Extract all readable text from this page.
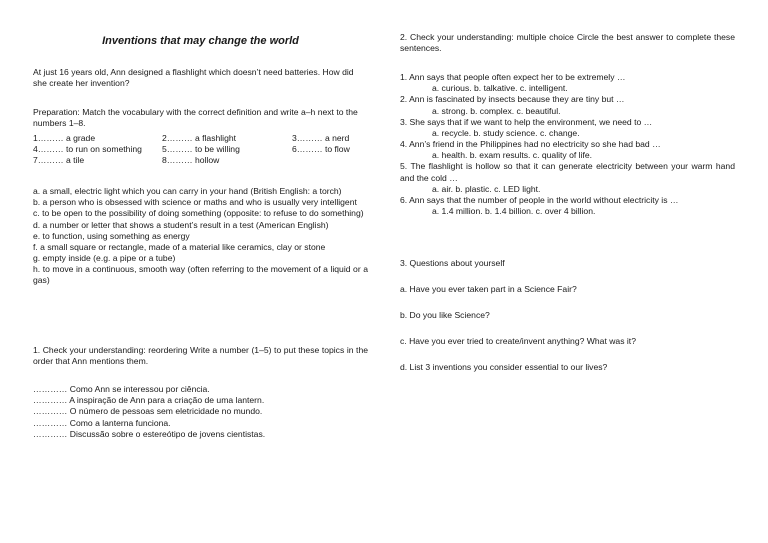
Inventions that may change the world

At just 16 years old, Ann designed a flashlight which doesn’t need batteries. How did she create her invention?

Preparation: Match the vocabulary with the correct definition and write a–h next to the numbers 1–8.

1……… a grade	2……… a flashlight	3……… a nerd
4……… to run on something	5……… to be willing	6……… to flow
7……… a tile	8……… hollow

a. a small, electric light which you can carry in your hand (British English: a torch)

b. a person who is obsessed with science or maths and who is usually very intelligent

c. to be open to the possibility of doing something (opposite: to refuse to do something)

d. a number or letter that shows a student’s result in a test (American English)

e. to function, using something as energy

f. a small square or rectangle, made of a material like ceramics, clay or stone

g. empty inside (e.g. a pipe or a tube)

h. to move in a continuous, smooth way (often referring to the movement of a liquid or a gas)

1. Check your understanding: reordering Write a number (1–5) to put these topics in the order that Ann mentions them.

………… Como Ann se interessou por ciência.

………… A inspiração de Ann para a criação de uma lantern.

………… O número de pessoas sem eletricidade no mundo.

………… Como a lanterna funciona.

………… Discussão sobre o estereótipo de jovens cientistas.

2. Check your understanding: multiple choice Circle the best answer to complete these sentences.

1. Ann says that people often expect her to be extremely …

a. curious. b. talkative. c. intelligent.

2. Ann is fascinated by insects because they are tiny but …

a. strong. b. complex. c. beautiful.

3. She says that if we want to help the environment, we need to …

a. recycle. b. study science. c. change.

4. Ann’s friend in the Philippines had no electricity so she had bad …

a. health. b. exam results. c. quality of life.

5. The flashlight is hollow so that it can generate electricity between your warm hand and the cold …

a. air. b. plastic. c. LED light.

6. Ann says that the number of people in the world without electricity is …

a. 1.4 million. b. 1.4 billion. c. over 4 billion.

3. Questions about yourself

a. Have you ever taken part in a Science Fair?

b. Do you like Science?

c. Have you ever tried to create/invent anything? What was it?

d. List 3 inventions you consider essential to our lives?
